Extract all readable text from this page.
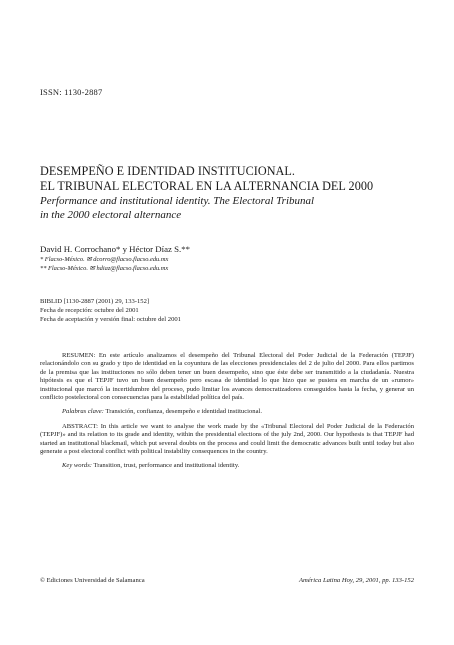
ISSN: 1130-2887
DESEMPEÑO E IDENTIDAD INSTITUCIONAL.
EL TRIBUNAL ELECTORAL EN LA ALTERNANCIA DEL 2000
Performance and institutional identity. The Electoral Tribunal
in the 2000 electoral alternance
David H. Corrochano* y Héctor Díaz S.**
* Flacso-México. ✉ dcorro@flacso.flacso.edu.mx
** Flacso-México. ✉ hdiaz@flacso.flacso.edu.mx
BIBLID [1130-2887 (2001) 29, 133-152]
Fecha de recepción: octubre del 2001
Fecha de aceptación y versión final: octubre del 2001

RESUMEN: En este artículo analizamos el desempeño del Tribunal Electoral del Poder Judicial de la Federación (TEPJF) relacionándolo con su grado y tipo de identidad en la coyuntura de las elecciones presidenciales del 2 de julio del 2000. Para ellos partimos de la premisa que las instituciones no sólo deben tener un buen desempeño, sino que éste debe ser transmitido a la ciudadanía. Nuestra hipótesis es que el TEPJF tuvo un buen desempeño pero escasa de identidad lo que hizo que se pusiera en marcha de un «rumor» institucional que marcó la incertidumbre del proceso, pudo limitar los avances democratizadores conseguidos hasta la fecha, y generar un conflicto postelectoral con consecuencias para la estabilidad política del país.

Palabras clave: Transición, confianza, desempeño e identidad institucional.

ABSTRACT: In this article we want to analyse the work made by the «Tribunal Electoral del Poder Judicial de la Federación (TEPJF)» and its relation to its grade and identity, within the presidential elections of the july 2nd, 2000. Our hypothesis is that TEPJF had started an institutional blackmail, which put several doubts on the process and could limit the democratic advances built until today but also generate a post electoral conflict with political instability consequences in the country.

Key words: Transition, trust, performance and institutional identity.

© Ediciones Universidad de Salamanca	América Latina Hoy, 29, 2001, pp. 133-152
